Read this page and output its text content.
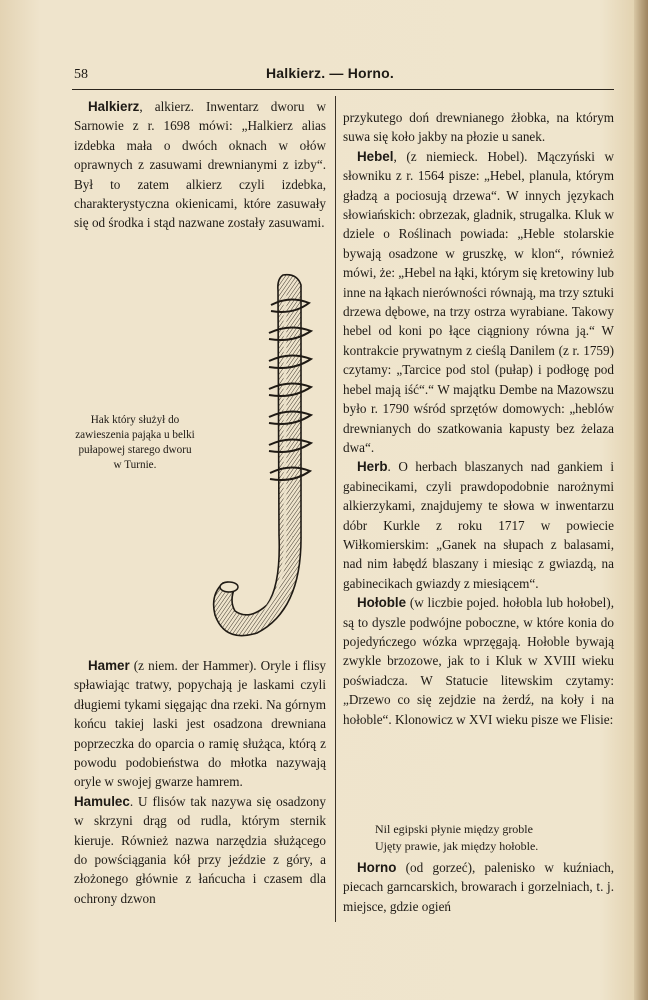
58	Halkierz. — Horno.

Halkierz, alkierz. Inwentarz dworu w Sarnowie z r. 1698 mówi: „Halkierz alias izdebka mała o dwóch oknach w ołów oprawnych z zasuwami drewnianymi z izby“. Był to zatem alkierz czyli izdebka, charakterystyczna okienicami, które zasuwały się od środka i stąd nazwane zostały zasuwami.

Hak który służył do zawieszenia pająka u belki pułapowej starego dworu w Turnie.

Hamer (z niem. der Hammer). Oryle i flisy spławiając tratwy, popychają je laskami czyli długiemi tykami sięgając dna rzeki. Na górnym końcu takiej laski jest osadzona drewniana poprzeczka do oparcia o ramię służąca, którą z powodu podobieństwa do młotka nazywają oryle w swojej gwarze hamrem.

Hamulec. U flisów tak nazywa się osadzony w skrzyni drąg od rudla, którym sternik kieruje. Również nazwa narzędzia służącego do powściągania kół przy jeździe z góry, a złożonego głównie z łańcucha i czasem dla ochrony dzwon

przykutego doń drewnianego żłobka, na którym suwa się koło jakby na płozie u sanek.

Hebel, (z niemieck. Hobel). Mączyński w słowniku z r. 1564 pisze: „Hebel, planula, którym gładzą a pociosują drzewa“. W innych językach słowiańskich: obrzezak, gladnik, strugalka. Kluk w dziele o Roślinach powiada: „Heble stolarskie bywają osadzone w gruszkę, w klon“, również mówi, że: „Hebel na łąki, którym się kretowiny lub inne na łąkach nierówności równają, ma trzy sztuki drzewa dębowe, na trzy ostrza wyrabiane. Takowy hebel od koni po łące ciągniony równa ją.“ W kontrakcie prywatnym z cieślą Danilem (z r. 1759) czytamy: „Tarcice pod stol (pułap) i podłogę pod hebel mają iść“.“ W majątku Dembe na Mazowszu było r. 1790 wśród sprzętów domowych: „heblów drewnianych do szatkowania kapusty bez żelaza dwa“.

Herb. O herbach blaszanych nad gankiem i gabinecikami, czyli prawdopodobnie narożnymi alkierzykami, znajdujemy te słowa w inwentarzu dóbr Kurkle z roku 1717 w powiecie Wiłkomierskim: „Ganek na słupach z balasami, nad nim łabędź blaszany i miesiąc z gwiazdą, na gabinecikach gwiazdy z miesiącem“.

Hołoble (w liczbie pojed. hołobla lub hołobel), są to dyszle podwójne poboczne, w które konia do pojedyńczego wózka wprzęgają. Hołoble bywają zwykle brzozowe, jak to i Kluk w XVIII wieku poświadcza. W Statucie litewskim czytamy: „Drzewo co się zejdzie na żerdź, na koły i na hołoble“. Klonowicz w XVI wieku pisze we Flisie:

Nil egipski płynie między groble
Ujęty prawie, jak między hołoble.

Horno (od gorzeć), palenisko w kuźniach, piecach garncarskich, browarach i gorzelniach, t. j. miejsce, gdzie ogień
